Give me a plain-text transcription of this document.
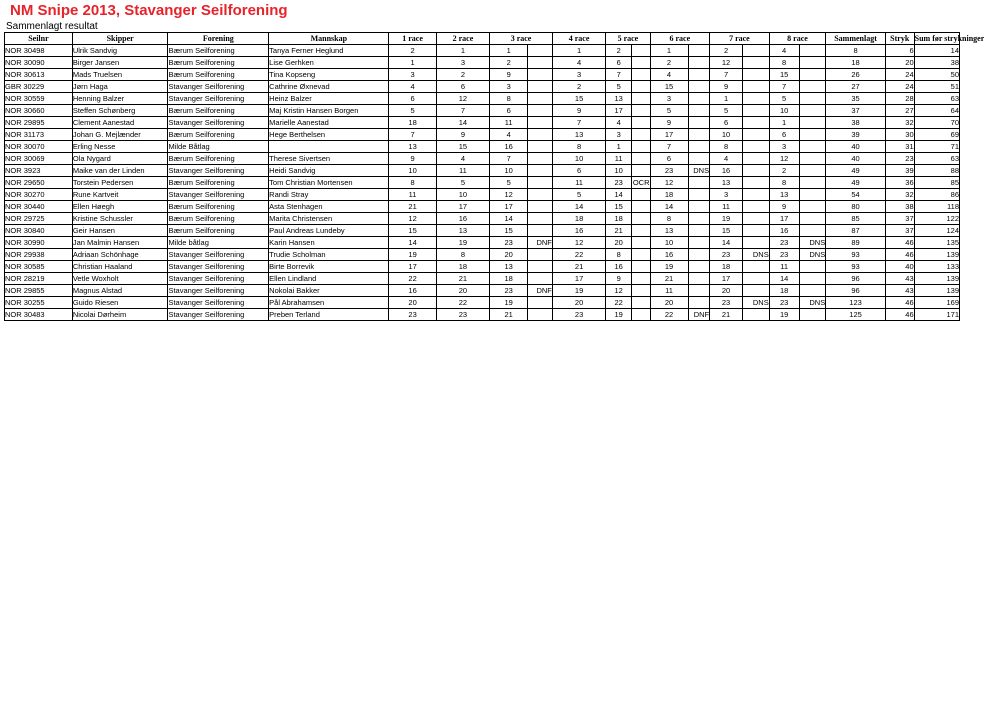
NM Snipe 2013, Stavanger Seilforening
Sammenlagt resultat
Seilnr	Skipper	Forening	Mannskap	1 race	2 race	3 race		4 race	5 race		6 race		7 race		8 race		Sammenlagt	Stryk	Sum før strykninger
NOR 30498	Ulrik Sandvig	Bærum Seilforening	Tanya Ferner Heglund	2	1	1		1	2		1		2		4		8	6	14
NOR 30090	Birger Jansen	Bærum Seilforening	Lise Gerhken	1	3	2		4	6		2		12		8		18	20	38
NOR 30613	Mads Truelsen	Bærum Seilforening	Tina Kopseng	3	2	9		3	7		4		7		15		26	24	50
GBR 30229	Jørn Haga	Stavanger Seilforening	Cathrine Øxnevad	4	6	3		2	5		15		9		7		27	24	51
NOR 30559	Henning Balzer	Stavanger Seilforening	Heinz Balzer	6	12	8		15	13		3		1		5		35	28	63
NOR 30660	Steffen Schønberg	Bærum Seilforening	Maj Kristin Hansen Borgen	5	7	6		9	17		5		5		10		37	27	64
NOR 29895	Clement Aanestad	Stavanger Seilforening	Marielle Aanestad	18	14	11		7	4		9		6		1		38	32	70
NOR 31173	Johan G. Mejlænder	Bærum Seilforening	Hege Berthelsen	7	9	4		13	3		17		10		6		39	30	69
NOR 30070	Erling Nesse	Milde Båtlag		13	15	16		8	1		7		8		3		40	31	71
NOR 30069	Ola Nygard	Bærum Seilforening	Therese Sivertsen	9	4	7		10	11		6		4		12		40	23	63
NOR 3923	Maike van der Linden	Stavanger Seilforening	Heidi Sandvig	10	11	10		6	10		23	DNS	16		2		49	39	88
NOR 29650	Torstein Pedersen	Bærum Seilforening	Tom Christian Mortensen	8	5	5		11	23	OCR	12		13		8		49	36	85
NOR 30270	Rune Kartveit	Stavanger Seilforening	Randi Stray	11	10	12		5	14		18		3		13		54	32	86
NOR 30440	Ellen Høegh	Bærum Seilforening	Asta Stenhagen	21	17	17		14	15		14		11		9		80	38	118
NOR 29725	Kristine Schussler	Bærum Seilforening	Marita Christensen	12	16	14		18	18		8		19		17		85	37	122
NOR 30840	Geir Hansen	Bærum Seilforening	Paul Andreas Lundeby	15	13	15		16	21		13		15		16		87	37	124
NOR 30990	Jan Malmin Hansen	Milde båtlag	Karin Hansen	14	19	23	DNF	12	20		10		14		23	DNS	89	46	135
NOR 29938	Adriaan Schönhage	Stavanger Seilforening	Trudie Scholman	19	8	20		22	8		16		23	DNS	23	DNS	93	46	139
NOR 30585	Christian Haaland	Stavanger Seilforening	Birte Borrevik	17	18	13		21	16		19		18		11		93	40	133
NOR 28219	Vetle Woxholt	Stavanger Seilforening	Ellen Lindland	22	21	18		17	9		21		17		14		96	43	139
NOR 29855	Magnus Alstad	Stavanger Seilforening	Nokolai Bakker	16	20	23	DNF	19	12		11		20		18		96	43	139
NOR 30255	Guido Riesen	Stavanger Seilforening	Pål Abrahamsen	20	22	19		20	22		20		23	DNS	23	DNS	123	46	169
NOR 30483	Nicolai Dørheim	Stavanger Seilforening	Preben Terland	23	23	21		23	19		22	DNF	21		19		125	46	171
